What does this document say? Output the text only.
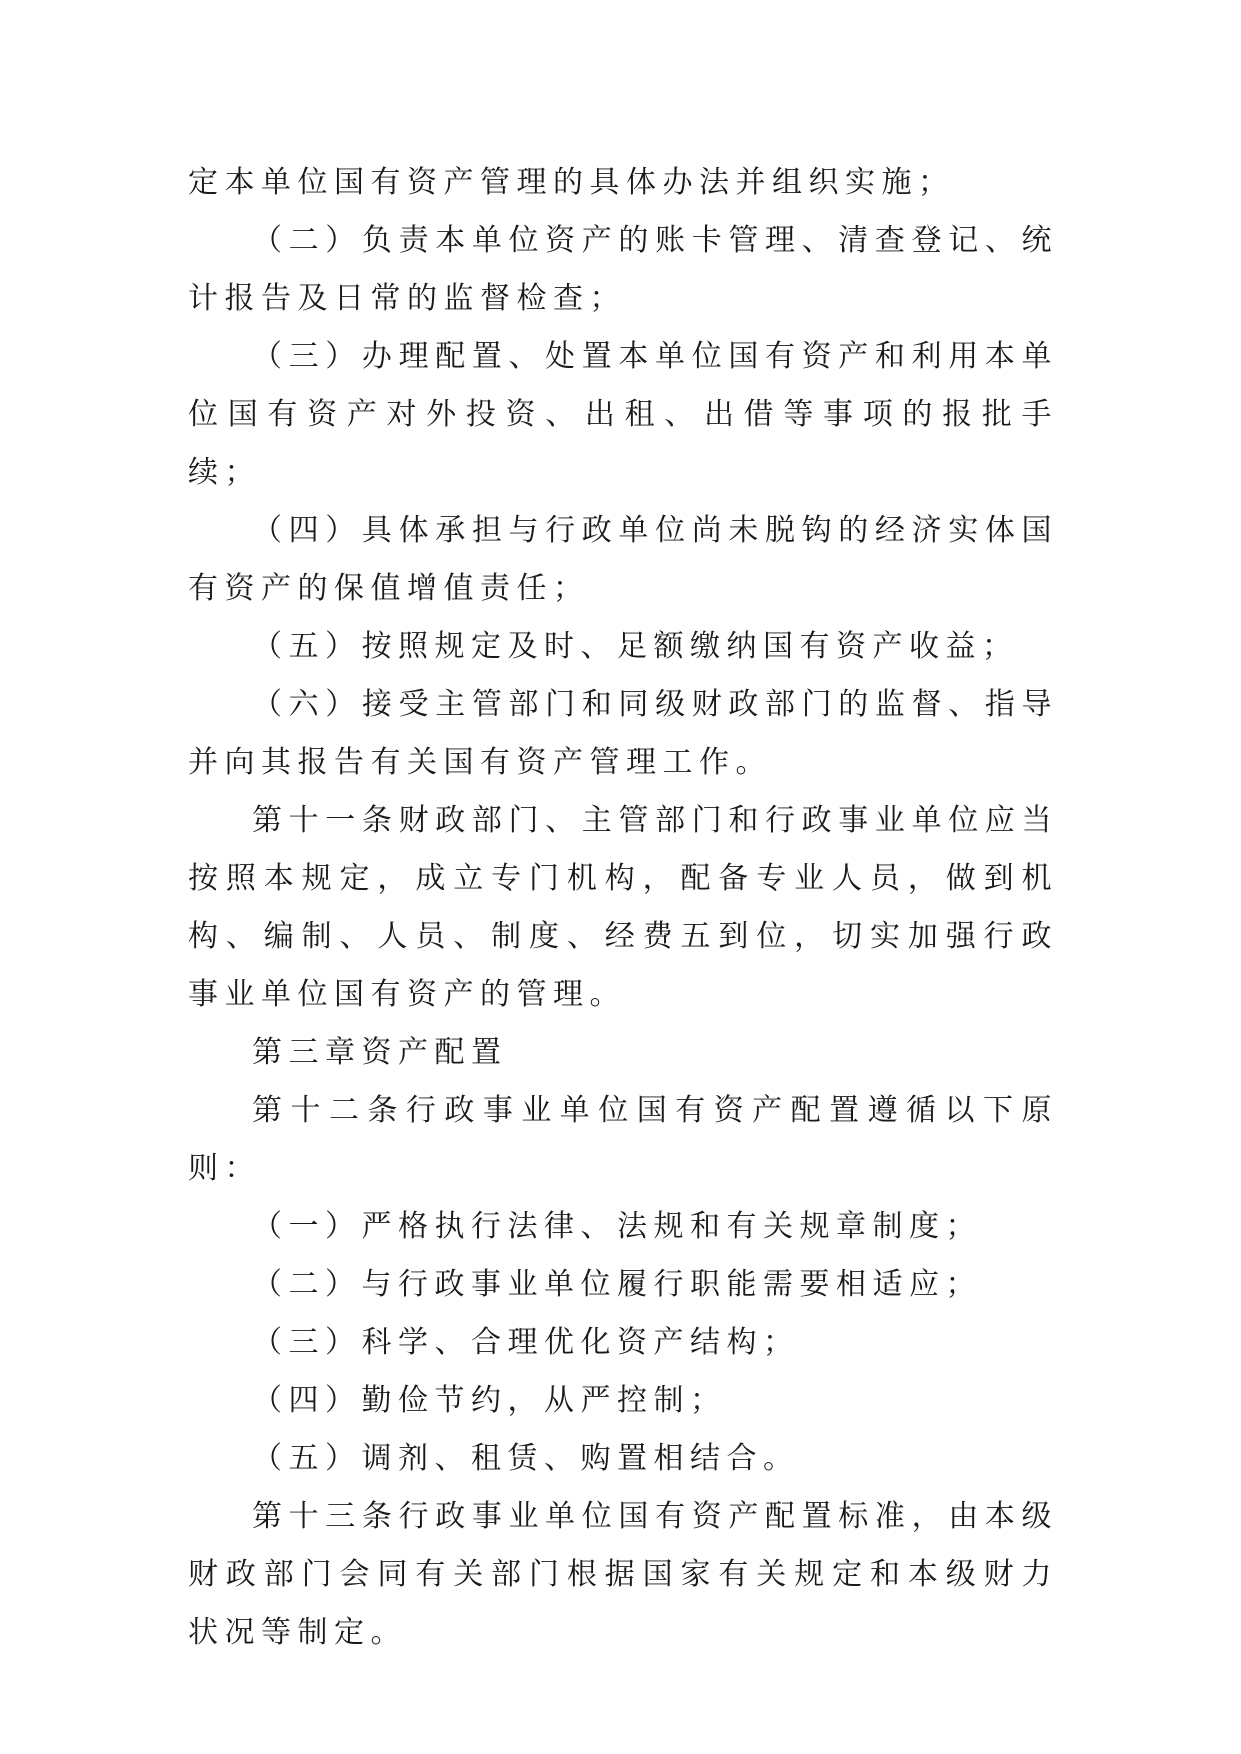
定本单位国有资产管理的具体办法并组织实施；

（二）负责本单位资产的账卡管理、清查登记、统计报告及日常的监督检查；

（三）办理配置、处置本单位国有资产和利用本单位国有资产对外投资、出租、出借等事项的报批手续；

（四）具体承担与行政单位尚未脱钩的经济实体国有资产的保值增值责任；

（五）按照规定及时、足额缴纳国有资产收益；

（六）接受主管部门和同级财政部门的监督、指导并向其报告有关国有资产管理工作。

第十一条财政部门、主管部门和行政事业单位应当按照本规定，成立专门机构，配备专业人员，做到机构、编制、人员、制度、经费五到位，切实加强行政事业单位国有资产的管理。

第三章资产配置

第十二条行政事业单位国有资产配置遵循以下原则：

（一）严格执行法律、法规和有关规章制度；

（二）与行政事业单位履行职能需要相适应；

（三）科学、合理优化资产结构；

（四）勤俭节约，从严控制；

（五）调剂、租赁、购置相结合。

第十三条行政事业单位国有资产配置标准，由本级财政部门会同有关部门根据国家有关规定和本级财力状况等制定。
